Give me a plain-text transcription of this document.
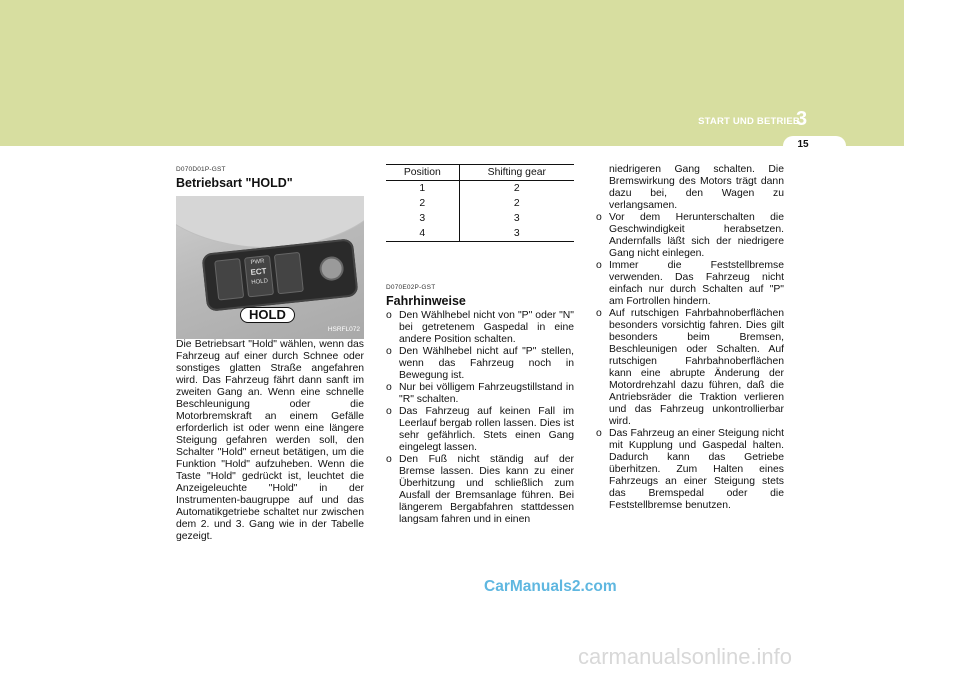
START UND BETRIEB
3
15
D070D01P-GST
Betriebsart "HOLD"
PWR
ECT
HOLD
HOLD
HSRFL072

Die Betriebsart "Hold" wählen, wenn das Fahrzeug auf einer durch Schnee oder sonstiges glatten Straße angefahren wird. Das Fahrzeug fährt dann sanft im zweiten Gang an. Wenn eine schnelle Beschleunigung oder die Motorbremskraft an einem Gefälle erforderlich ist oder wenn eine längere Steigung gefahren werden soll, den Schalter "Hold" erneut betätigen, um die Funktion "Hold" aufzuheben. Wenn die Taste "Hold" gedrückt ist, leuchtet die Anzeigeleuchte "Hold" in der Instrumenten-baugruppe auf und das Automatikgetriebe schaltet nur zwischen dem 2. und 3. Gang wie in der Tabelle gezeigt.

Position	Shifting gear
1	2
2	2
3	3
4	3
D070E02P-GST
Fahrhinweise
o Den Wählhebel nicht von "P" oder "N" bei getretenem Gaspedal in eine andere Position schalten.
o Den Wählhebel nicht auf "P" stellen, wenn das Fahrzeug noch in Bewegung ist.
o Nur bei völligem Fahrzeugstillstand in "R" schalten.
o Das Fahrzeug auf keinen Fall im Leerlauf bergab rollen lassen. Dies ist sehr gefährlich. Stets einen Gang eingelegt lassen.
o Den Fuß nicht ständig auf der Bremse lassen. Dies kann zu einer Überhitzung und schließlich zum Ausfall der Bremsanlage führen. Bei längerem Bergabfahren stattdessen langsam fahren und in einen
niedrigeren Gang schalten. Die Bremswirkung des Motors trägt dann dazu bei, den Wagen zu verlangsamen.
o Vor dem Herunterschalten die Geschwindigkeit herabsetzen. Andernfalls läßt sich der niedrigere Gang nicht einlegen.
o Immer die Feststellbremse verwenden. Das Fahrzeug nicht einfach nur durch Schalten auf "P" am Fortrollen hindern.
o Auf rutschigen Fahrbahnoberflächen besonders vorsichtig fahren. Dies gilt besonders beim Bremsen, Beschleunigen oder Schalten. Auf rutschigen Fahrbahnoberflächen kann eine abrupte Änderung der Motordrehzahl dazu führen, daß die Antriebsräder die Traktion verlieren und das Fahrzeug unkontrollierbar wird.
o Das Fahrzeug an einer Steigung nicht mit Kupplung und Gaspedal halten. Dadurch kann das Getriebe überhitzen. Zum Halten eines Fahrzeugs an einer Steigung stets das Bremspedal oder die Feststellbremse benutzen.
CarManuals2.com
carmanualsonline.info
